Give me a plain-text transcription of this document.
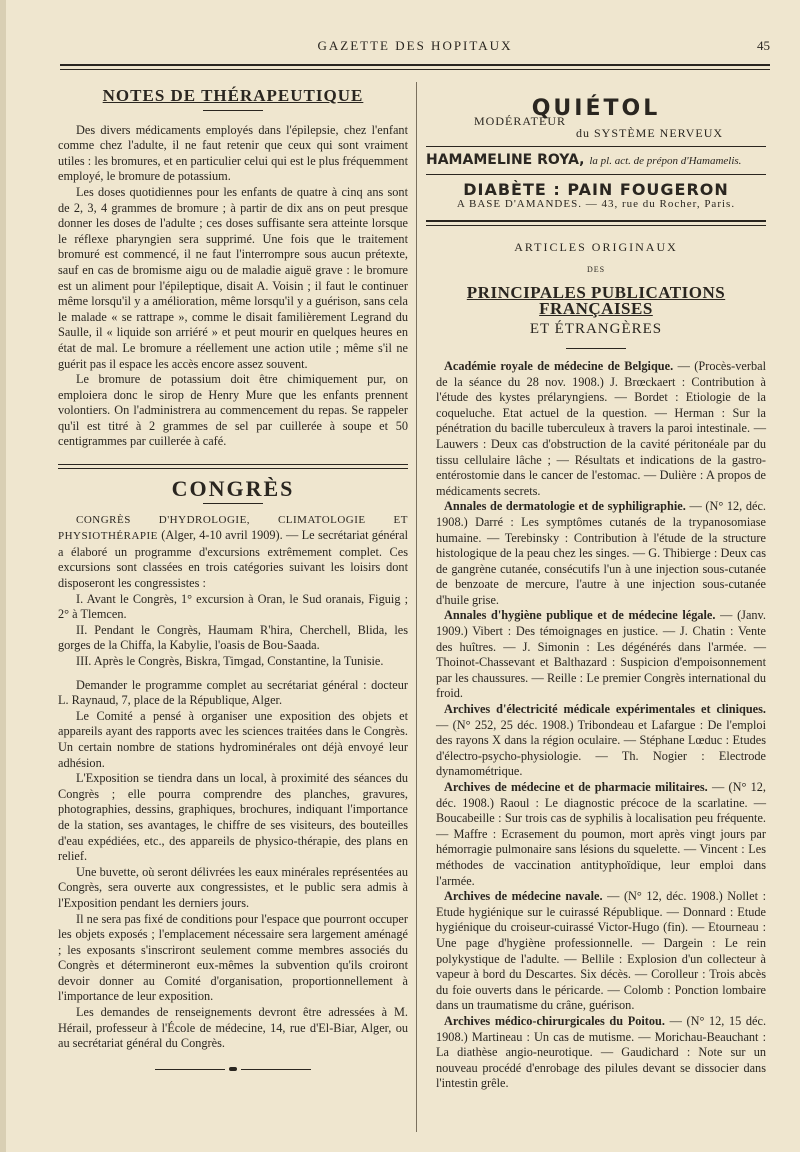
GAZETTE DES HOPITAUX	45
NOTES DE THÉRAPEUTIQUE

Des divers médicaments employés dans l'épilepsie, chez l'enfant comme chez l'adulte, il ne faut retenir que ceux qui sont vraiment utiles : les bromures, et en particulier celui qui est le plus fréquemment employé, le bromure de potassium.

Les doses quotidiennes pour les enfants de quatre à cinq ans sont de 2, 3, 4 grammes de bromure ; à partir de dix ans on peut presque donner les doses de l'adulte ; ces doses suffisante sera atteinte lorsque le réflexe pharyngien sera supprimé. Une fois que le traitement bromuré est commencé, il ne faut l'interrompre sous aucun prétexte, sauf en cas de bromisme aigu ou de maladie aiguë grave : le bromure est un aliment pour l'épileptique, disait A. Voisin ; il faut le continuer même lorsqu'il y a amélioration, même lorsqu'il y a guérison, sans cela le malade « se rattrape », comme le disait familièrement Legrand du Saulle, il « liquide son arriéré » et peut mourir en quelques heures en état de mal. Le bromure a réellement une action utile ; même s'il ne guérit pas il espace les accès encore assez souvent.

Le bromure de potassium doit être chimiquement pur, on emploiera donc le sirop de Henry Mure que les enfants prennent volontiers. On l'administrera au commencement du repas. Se rappeler qu'il est titré à 2 grammes de sel par cuillerée à soupe et 50 centigrammes par cuillerée à café.

CONGRÈS

CONGRÈS D'HYDROLOGIE, CLIMATOLOGIE ET PHYSIOTHÉRAPIE (Alger, 4-10 avril 1909). — Le secrétariat général a élaboré un programme d'excursions extrêmement complet. Ces excursions sont classées en trois catégories suivant les loisirs dont disposeront les congressistes :

I. Avant le Congrès, 1° excursion à Oran, le Sud oranais, Figuig ; 2° à Tlemcen.

II. Pendant le Congrès, Haumam R'hira, Cherchell, Blida, les gorges de la Chiffa, la Kabylie, l'oasis de Bou-Saada.

III. Après le Congrès, Biskra, Timgad, Constantine, la Tunisie.

Demander le programme complet au secrétariat général : docteur L. Raynaud, 7, place de la République, Alger.

Le Comité a pensé à organiser une exposition des objets et appareils ayant des rapports avec les sciences traitées dans le Congrès. Un certain nombre de stations hydrominérales ont déjà envoyé leur adhésion.

L'Exposition se tiendra dans un local, à proximité des séances du Congrès ; elle pourra comprendre des planches, gravures, photographies, dessins, graphiques, brochures, indiquant l'importance de la station, ses avantages, le chiffre de ses visiteurs, des bouteilles d'eau expédiées, etc., des appareils de physico-thérapie, des plans en relief.

Une buvette, où seront délivrées les eaux minérales représentées au Congrès, sera ouverte aux congressistes, et le public sera admis à l'Exposition pendant les derniers jours.

Il ne sera pas fixé de conditions pour l'espace que pourront occuper les objets exposés ; l'emplacement nécessaire sera largement aménagé ; les exposants s'inscriront seulement comme membres associés du Congrès et détermineront eux-mêmes la subvention qu'ils croiront devoir donner au Comité d'organisation, proportionnellement à l'importance de leur exposition.

Les demandes de renseignements devront être adressées à M. Hérail, professeur à l'École de médecine, 14, rue d'El-Biar, Alger, ou au secrétariat général du Congrès.

QUIÉTOL
MODÉRATEUR
du SYSTÈME NERVEUX
HAMAMELINE ROYA, la pl. act. de prépon d'Hamamelis.
DIABÈTE : PAIN FOUGERON
A BASE D'AMANDES. — 43, rue du Rocher, Paris.
ARTICLES ORIGINAUX
DES
PRINCIPALES PUBLICATIONS FRANÇAISES
ET ÉTRANGÈRES

Académie royale de médecine de Belgique. — (Procès-verbal de la séance du 28 nov. 1908.) J. Brœckaert : Contribution à l'étude des kystes prélaryngiens. — Bordet : Etiologie de la coqueluche. Etat actuel de la question. — Herman : Sur la pénétration du bacille tuberculeux à travers la paroi intestinale. — Lauwers : Deux cas d'obstruction de la cavité péritonéale par du tissu cellulaire lâche ; — Résultats et indications de la gastro-entérostomie dans le cancer de l'estomac. — Dulière : A propos de médicaments secrets.

Annales de dermatologie et de syphiligraphie. — (N° 12, déc. 1908.) Darré : Les symptômes cutanés de la trypanosomiase humaine. — Terebinsky : Contribution à l'étude de la structure histologique de la peau chez les singes. — G. Thibierge : Deux cas de gangrène cutanée, consécutifs l'un à une injection sous-cutanée de benzoate de mercure, l'autre à une injection sous-cutanée d'huile grise.

Annales d'hygiène publique et de médecine légale. — (Janv. 1909.) Vibert : Des témoignages en justice. — J. Chatin : Vente des huîtres. — J. Simonin : Les dégénérés dans l'armée. — Thoinot-Chassevant et Balthazard : Suspicion d'empoisonnement par les chaussures. — Reille : Le premier Congrès international du froid.

Archives d'électricité médicale expérimentales et cliniques. — (N° 252, 25 déc. 1908.) Tribondeau et Lafargue : De l'emploi des rayons X dans la région oculaire. — Stéphane Lœduc : Etudes d'électro-psycho-physiologie. — Th. Nogier : Electrode dynamométrique.

Archives de médecine et de pharmacie militaires. — (N° 12, déc. 1908.) Raoul : Le diagnostic précoce de la scarlatine. — Boucabeille : Sur trois cas de syphilis à localisation peu fréquente. — Maffre : Ecrasement du poumon, mort après vingt jours par hémorragie pulmonaire sans lésions du squelette. — Vincent : Les méthodes de vaccination antityphoïdique, leur emploi dans l'armée.

Archives de médecine navale. — (N° 12, déc. 1908.) Nollet : Etude hygiénique sur le cuirassé République. — Donnard : Etude hygiénique du croiseur-cuirassé Victor-Hugo (fin). — Etourneau : Une page d'hygiène professionnelle. — Dargein : Le rein polykystique de l'adulte. — Bellile : Explosion d'un collecteur à vapeur à bord du Descartes. Six décès. — Corolleur : Trois abcès du foie ouverts dans le péricarde. — Colomb : Ponction lombaire dans un traumatisme du crâne, guérison.

Archives médico-chirurgicales du Poitou. — (N° 12, 15 déc. 1908.) Martineau : Un cas de mutisme. — Morichau-Beauchant : La diathèse angio-neurotique. — Gaudichard : Note sur un nouveau procédé d'enrobage des pilules devant se dissocier dans l'intestin grêle.
